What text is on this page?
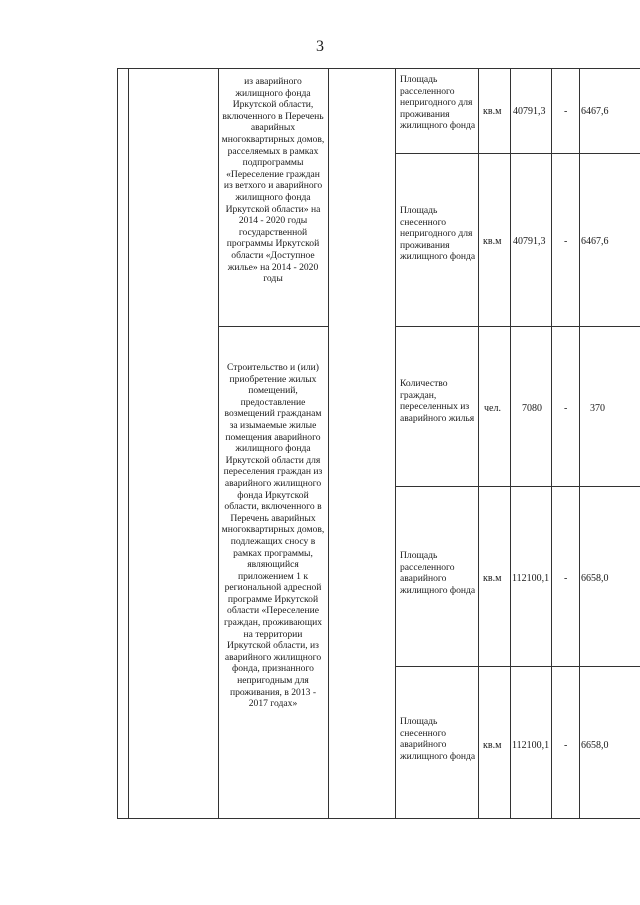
3
из аварийного жилищного фонда Иркутской области, включенного в Перечень аварийных многоквартирных домов, расселяемых в рамках подпрограммы «Переселение граждан из ветхого и аварийного жилищного фонда Иркутской области» на 2014 - 2020 годы государственной программы Иркутской области «Доступное жилье» на 2014 - 2020 годы
Строительство и (или) приобретение жилых помещений, предоставление возмещений гражданам за изымаемые жилые помещения аварийного жилищного фонда Иркутской области для переселения граждан из аварийного жилищного фонда Иркутской области, включенного в Перечень аварийных многоквартирных домов, подлежащих сносу в рамках программы, являющийся приложением 1 к региональной адресной программе Иркутской области «Переселение граждан, проживающих на территории Иркутской области, из аварийного жилищного фонда, признанного непригодным для проживания, в 2013 - 2017 годах»
Площадь расселенного непригодного для проживания жилищного фонда
кв.м 40791,3 - 6467,6
Площадь снесенного непригодного для проживания жилищного фонда
кв.м 40791,3 - 6467,6
Количество граждан, переселенных из аварийного жилья
чел. 7080 - 370
Площадь расселенного аварийного жилищного фонда
кв.м 112100,1 - 6658,0
Площадь снесенного аварийного жилищного фонда
кв.м 112100,1 - 6658,0
